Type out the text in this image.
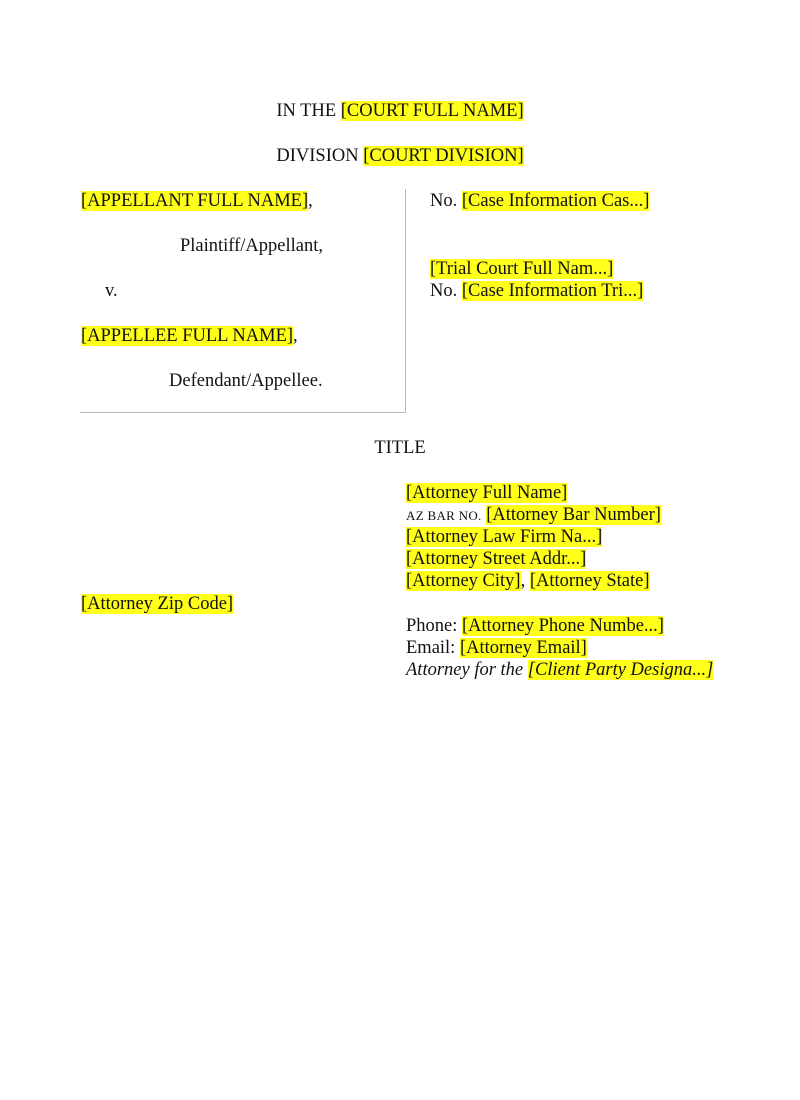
IN THE [COURT FULL NAME]
DIVISION [COURT DIVISION]
[APPELLANT FULL NAME],
Plaintiff/Appellant,
v.
[APPELLEE FULL NAME],
Defendant/Appellee.
No. [Case Information Cas...]
[Trial Court Full Nam...]
No. [Case Information Tri...]
TITLE
[Attorney Full Name]
AZ BAR NO. [Attorney Bar Number]
[Attorney Law Firm Na...]
[Attorney Street Addr...]
[Attorney City], [Attorney State]
[Attorney Zip Code]
Phone: [Attorney Phone Numbe...]
Email: [Attorney Email]
Attorney for the [Client Party Designa...]
